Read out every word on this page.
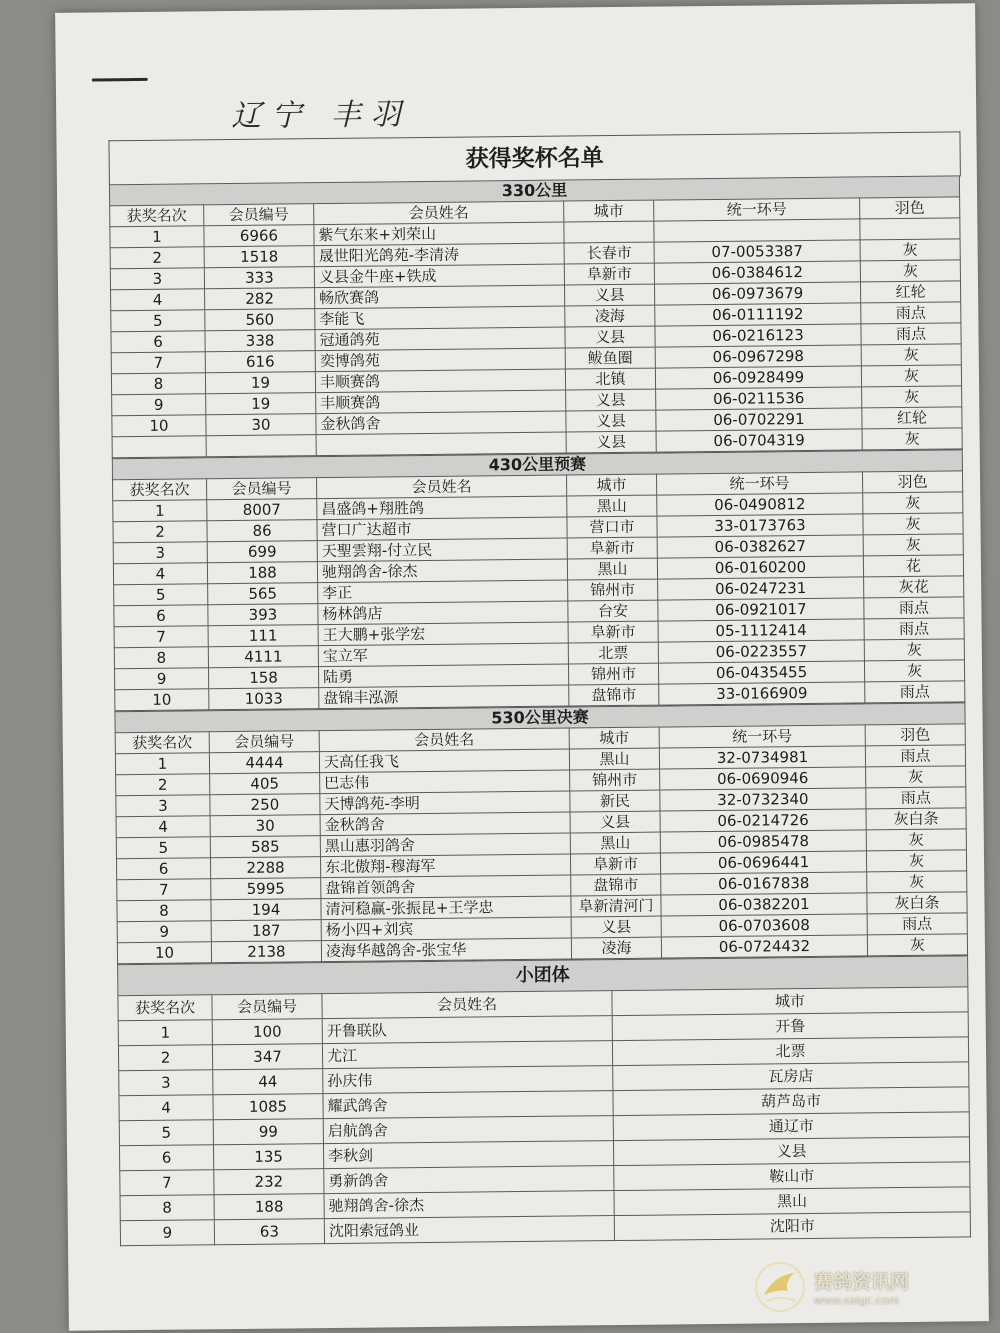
辽宁 丰羽
获得奖杯名单
330公里					
获奖名次	会员编号	会员姓名	城市	统一环号	羽色
1	6966	紫气东来+刘荣山			
2	1518	晟世阳光鸽苑-李清涛	长春市	07-0053387	灰
3	333	义县金牛座+铁成	阜新市	06-0384612	灰
4	282	畅欣赛鸽	义县	06-0973679	红轮
5	560	李能飞	凌海	06-0111192	雨点
6	338	冠通鸽苑	义县	06-0216123	雨点
7	616	奕博鸽苑	鲅鱼圈	06-0967298	灰
8	19	丰顺赛鸽	北镇	06-0928499	灰
9	19	丰顺赛鸽	义县	06-0211536	灰
10	30	金秋鸽舍	义县	06-0702291	红轮
			义县	06-0704319	灰
430公里预赛					
获奖名次	会员编号	会员姓名	城市	统一环号	羽色
1	8007	昌盛鸽+翔胜鸽	黑山	06-0490812	灰
2	86	营口广达超市	营口市	33-0173763	灰
3	699	天聖雲翔-付立民	阜新市	06-0382627	灰
4	188	驰翔鸽舍-徐杰	黑山	06-0160200	花
5	565	李正	锦州市	06-0247231	灰花
6	393	杨林鸽店	台安	06-0921017	雨点
7	111	王大鹏+张学宏	阜新市	05-1112414	雨点
8	4111	宝立军	北票	06-0223557	灰
9	158	陆勇	锦州市	06-0435455	灰
10	1033	盘锦丰泓源	盘锦市	33-0166909	雨点
530公里决赛					
获奖名次	会员编号	会员姓名	城市	统一环号	羽色
1	4444	天高任我飞	黑山	32-0734981	雨点
2	405	巴志伟	锦州市	06-0690946	灰
3	250	天博鸽苑-李明	新民	32-0732340	雨点
4	30	金秋鸽舍	义县	06-0214726	灰白条
5	585	黑山惠羽鸽舍	黑山	06-0985478	灰
6	2288	东北傲翔-穆海军	阜新市	06-0696441	灰
7	5995	盘锦首领鸽舍	盘锦市	06-0167838	灰
8	194	清河稳赢-张振昆+王学忠	阜新清河门	06-0382201	灰白条
9	187	杨小四+刘宾	义县	06-0703608	雨点
10	2138	凌海华越鸽舍-张宝华	凌海	06-0724432	灰
小团体			
获奖名次	会员编号	会员姓名	城市
1	100	开鲁联队	开鲁
2	347	尤江	北票
3	44	孙庆伟	瓦房店
4	1085	耀武鸽舍	葫芦岛市
5	99	启航鸽舍	通辽市
6	135	李秋剑	义县
7	232	勇新鸽舍	鞍山市
8	188	驰翔鸽舍-徐杰	黑山
9	63	沈阳索冠鸽业	沈阳市
赛鸽资讯网
www.saigc.com
